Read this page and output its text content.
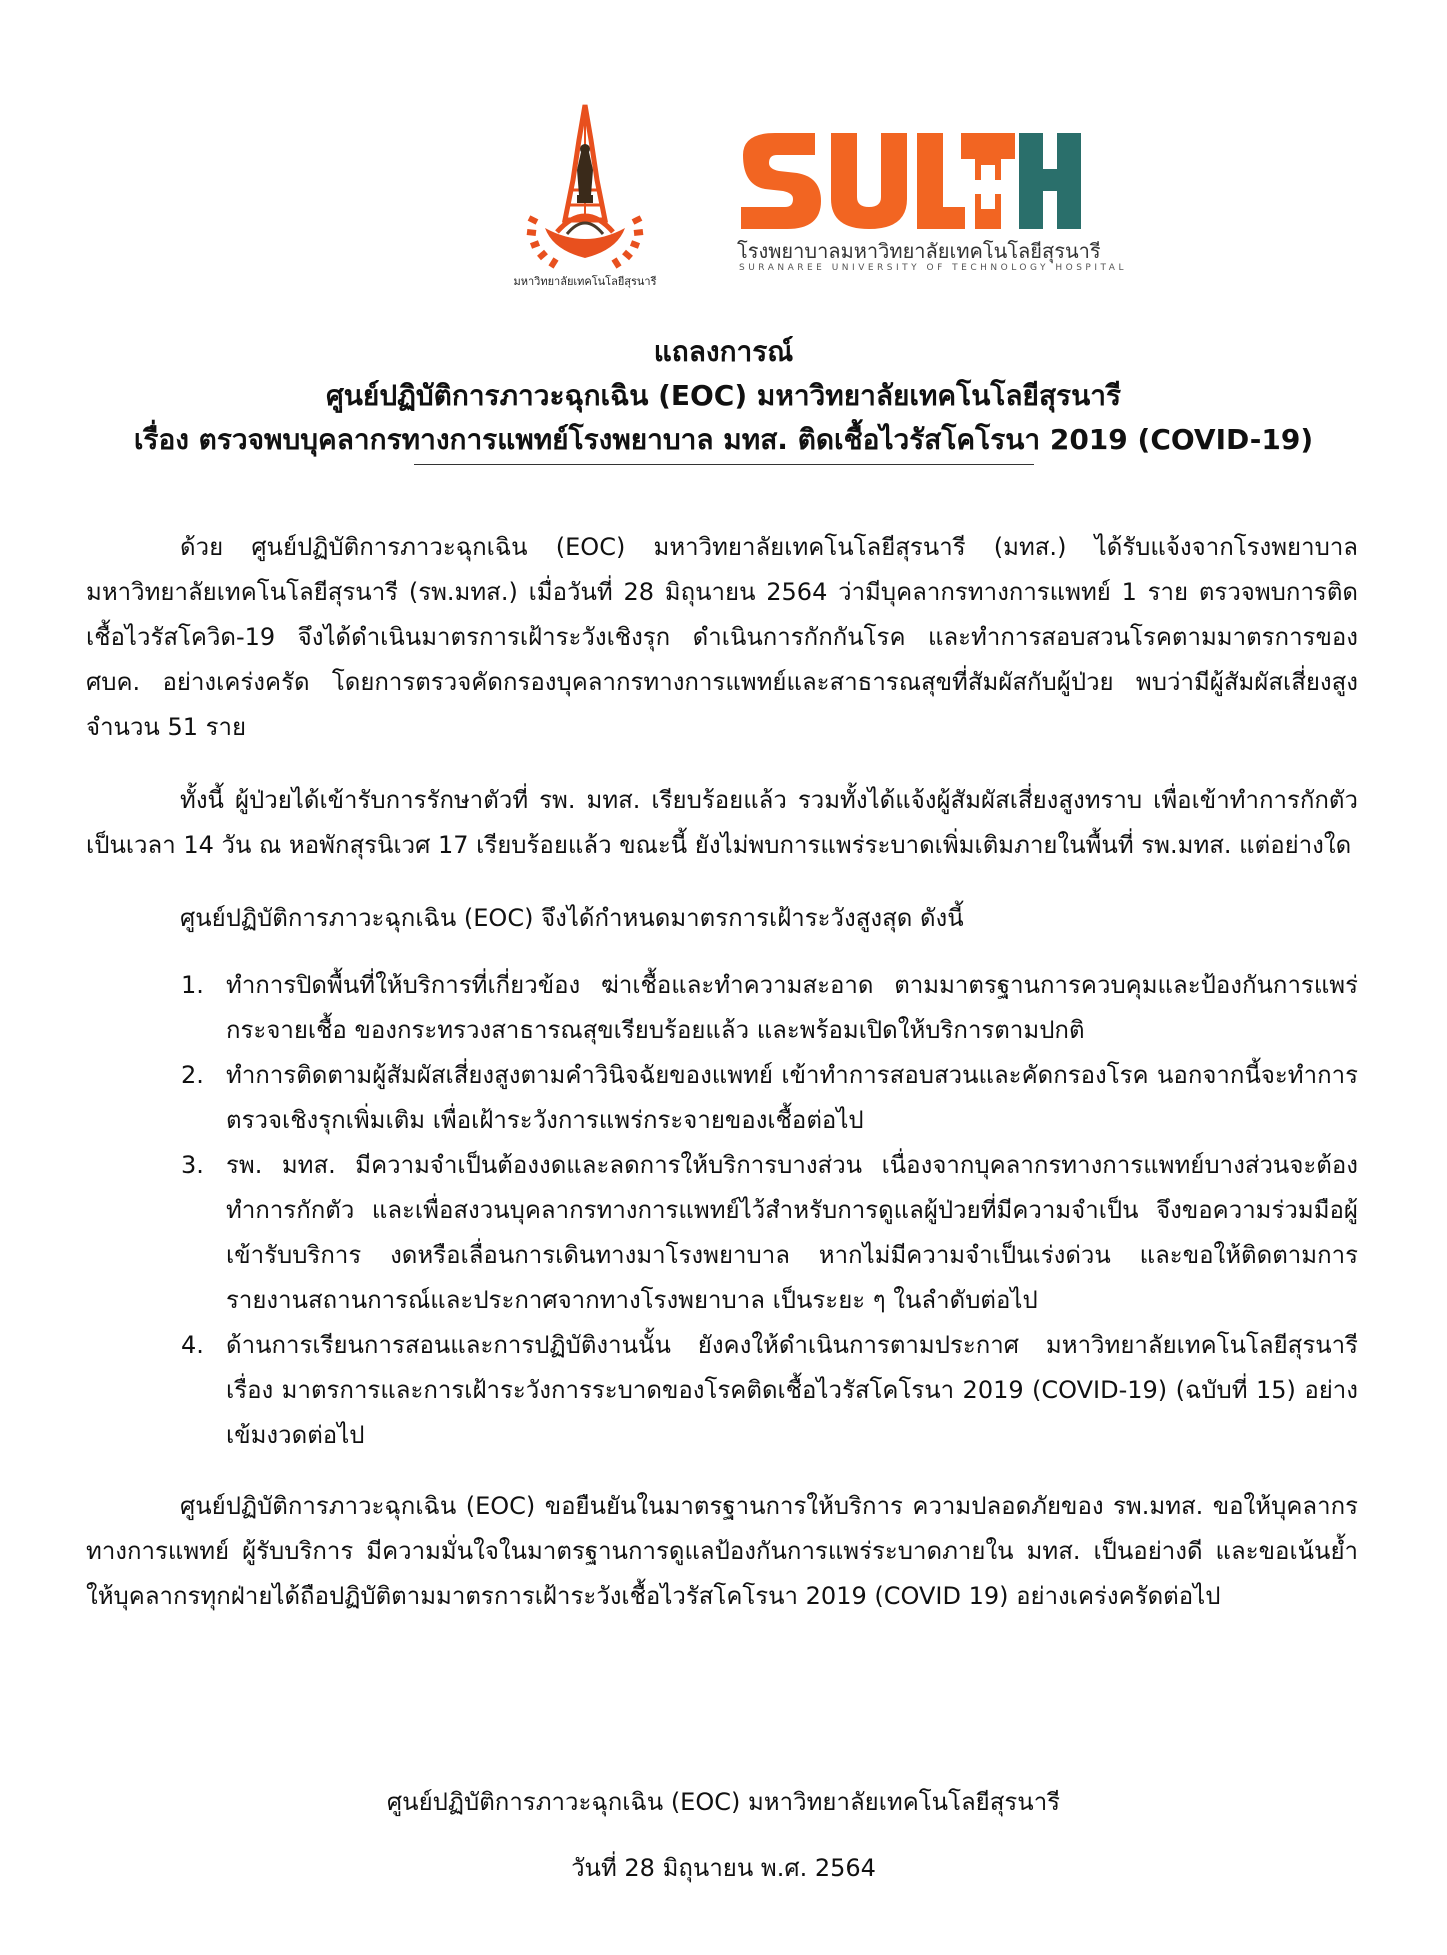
มหาวิทยาลัยเทคโนโลยีสุรนารี
โรงพยาบาลมหาวิทยาลัยเทคโนโลยีสุรนารี
SURANAREE UNIVERSITY OF TECHNOLOGY HOSPITAL
แถลงการณ์
ศูนย์ปฏิบัติการภาวะฉุกเฉิน (EOC) มหาวิทยาลัยเทคโนโลยีสุรนารี
เรื่อง ตรวจพบบุคลากรทางการแพทย์โรงพยาบาล มทส. ติดเชื้อไวรัสโคโรนา 2019 (COVID-19)

ด้วย ศูนย์ปฏิบัติการภาวะฉุกเฉิน (EOC) มหาวิทยาลัยเทคโนโลยีสุรนารี (มทส.) ได้รับแจ้งจากโรงพยาบาลมหาวิทยาลัยเทคโนโลยีสุรนารี (รพ.มทส.) เมื่อวันที่ 28 มิถุนายน 2564 ว่ามีบุคลากรทางการแพทย์ 1 ราย ตรวจพบการติดเชื้อไวรัสโควิด-19 จึงได้ดำเนินมาตรการเฝ้าระวังเชิงรุก ดำเนินการกักกันโรค และทำการสอบสวนโรคตามมาตรการของ ศบค. อย่างเคร่งครัด โดยการตรวจคัดกรองบุคลากรทางการแพทย์และสาธารณสุขที่สัมผัสกับผู้ป่วย พบว่ามีผู้สัมผัสเสี่ยงสูง จำนวน 51 ราย

ทั้งนี้ ผู้ป่วยได้เข้ารับการรักษาตัวที่ รพ. มทส. เรียบร้อยแล้ว รวมทั้งได้แจ้งผู้สัมผัสเสี่ยงสูงทราบ เพื่อเข้าทำการกักตัวเป็นเวลา 14 วัน ณ หอพักสุรนิเวศ 17 เรียบร้อยแล้ว ขณะนี้ ยังไม่พบการแพร่ระบาดเพิ่มเติมภายในพื้นที่ รพ.มทส. แต่อย่างใด

ศูนย์ปฏิบัติการภาวะฉุกเฉิน (EOC) จึงได้กำหนดมาตรการเฝ้าระวังสูงสุด ดังนี้

1. ทำการปิดพื้นที่ให้บริการที่เกี่ยวข้อง ฆ่าเชื้อและทำความสะอาด ตามมาตรฐานการควบคุมและป้องกันการแพร่กระจายเชื้อ ของกระทรวงสาธารณสุขเรียบร้อยแล้ว และพร้อมเปิดให้บริการตามปกติ
2. ทำการติดตามผู้สัมผัสเสี่ยงสูงตามคำวินิจฉัยของแพทย์ เข้าทำการสอบสวนและคัดกรองโรค นอกจากนี้จะทำการตรวจเชิงรุกเพิ่มเติม เพื่อเฝ้าระวังการแพร่กระจายของเชื้อต่อไป
3. รพ. มทส. มีความจำเป็นต้องงดและลดการให้บริการบางส่วน เนื่องจากบุคลากรทางการแพทย์บางส่วนจะต้องทำการกักตัว และเพื่อสงวนบุคลากรทางการแพทย์ไว้สำหรับการดูแลผู้ป่วยที่มีความจำเป็น จึงขอความร่วมมือผู้เข้ารับบริการ งดหรือเลื่อนการเดินทางมาโรงพยาบาล หากไม่มีความจำเป็นเร่งด่วน และขอให้ติดตามการรายงานสถานการณ์และประกาศจากทางโรงพยาบาล เป็นระยะ ๆ ในลำดับต่อไป
4. ด้านการเรียนการสอนและการปฏิบัติงานนั้น ยังคงให้ดำเนินการตามประกาศ มหาวิทยาลัยเทคโนโลยีสุรนารี เรื่อง มาตรการและการเฝ้าระวังการระบาดของโรคติดเชื้อไวรัสโคโรนา 2019 (COVID-19) (ฉบับที่ 15) อย่างเข้มงวดต่อไป

ศูนย์ปฏิบัติการภาวะฉุกเฉิน (EOC) ขอยืนยันในมาตรฐานการให้บริการ ความปลอดภัยของ รพ.มทส. ขอให้บุคลากรทางการแพทย์ ผู้รับบริการ มีความมั่นใจในมาตรฐานการดูแลป้องกันการแพร่ระบาดภายใน มทส. เป็นอย่างดี และขอเน้นย้ำให้บุคลากรทุกฝ่ายได้ถือปฏิบัติตามมาตรการเฝ้าระวังเชื้อไวรัสโคโรนา 2019 (COVID 19) อย่างเคร่งครัดต่อไป

ศูนย์ปฏิบัติการภาวะฉุกเฉิน (EOC) มหาวิทยาลัยเทคโนโลยีสุรนารี
วันที่ 28 มิถุนายน พ.ศ. 2564
